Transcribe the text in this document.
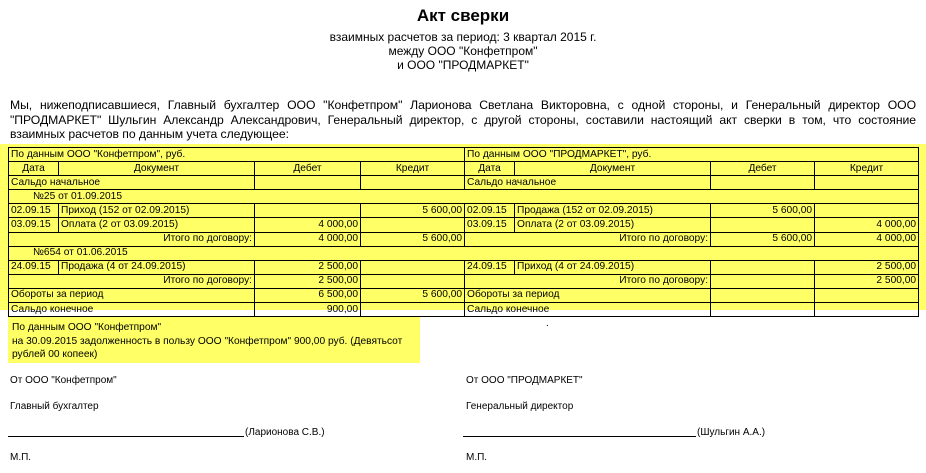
Акт сверки
взаимных расчетов за период: 3 квартал 2015 г.
между ООО "Конфетпром"
и ООО "ПРОДМАРКЕТ"
Мы, нижеподписавшиеся, Главный бухгалтер ООО "Конфетпром" Ларионова Светлана Викторовна, с одной стороны, и Генеральный директор ООО "ПРОДМАРКЕТ" Шульгин Александр Александрович, Генеральный директор, с другой стороны, составили настоящий акт сверки в том, что состояние взаимных расчетов по данным учета следующее:
По данным ООО "Конфетпром", руб.				По данным ООО "ПРОДМАРКЕТ", руб.			
Дата	Документ	Дебет	Кредит	Дата	Документ	Дебет	Кредит
Сальдо начальное				Сальдо начальное			
№25 от 01.09.2015							
02.09.15	Приход (152 от 02.09.2015)		5 600,00	02.09.15	Продажа (152 от 02.09.2015)	5 600,00	
03.09.15	Оплата (2 от 03.09.2015)	4 000,00		03.09.15	Оплата (2 от 03.09.2015)		4 000,00
Итого по договору:		4 000,00	5 600,00	Итого по договору:		5 600,00	4 000,00
№654 от 01.06.2015							
24.09.15	Продажа (4 от 24.09.2015)	2 500,00		24.09.15	Приход (4 от 24.09.2015)		2 500,00
Итого по договору:		2 500,00		Итого по договору:			2 500,00
Обороты за период		6 500,00	5 600,00	Обороты за период			
Сальдо конечное		900,00		Сальдо конечное			
По данным ООО "Конфетпром"
на 30.09.2015 задолженность в пользу ООО "Конфетпром" 900,00 руб. (Девятьсот рублей 00 копеек)
.
От ООО "Конфетпром"
Главный бухгалтер
(Ларионова С.В.)
М.П.
От ООО "ПРОДМАРКЕТ"
Генеральный директор
(Шульгин А.А.)
М.П.
